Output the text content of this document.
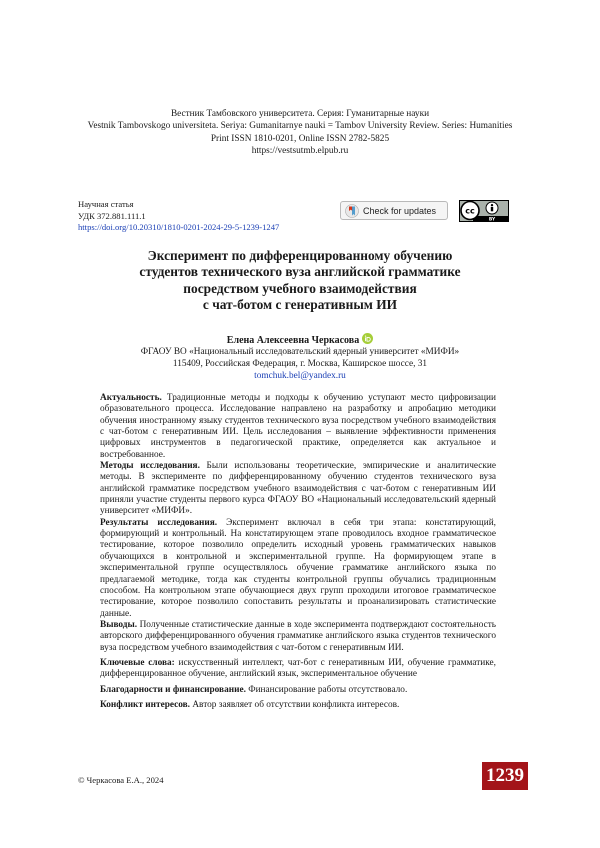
Вестник Тамбовского университета. Серия: Гуманитарные науки
Vestnik Tambovskogo universiteta. Seriya: Gumanitarnye nauki = Tambov University Review. Series: Humanities
Print ISSN 1810-0201, Online ISSN 2782-5825
https://vestsutmb.elpub.ru
Научная статья
УДК 372.881.111.1
https://doi.org/10.20310/1810-0201-2024-29-5-1239-1247
Check for updates	cc
BY
Эксперимент по дифференцированному обучению
студентов технического вуза английской грамматике
посредством учебного взаимодействия
с чат-ботом с генеративным ИИ
Елена Алексеевна Черкасова
ФГАОУ ВО «Национальный исследовательский ядерный университет «МИФИ»
115409, Российская Федерация, г. Москва, Каширское шоссе, 31
tomchuk.bel@yandex.ru

Актуальность. Традиционные методы и подходы к обучению уступают место цифровизации образовательного процесса. Исследование направлено на разработку и апробацию методики обучения иностранному языку студентов технического вуза посредством учебного взаимодействия с чат-ботом с генеративным ИИ. Цель исследования – выявление эффективности применения цифровых инструментов в педагогической практике, определяется как актуальное и востребованное.

Методы исследования. Были использованы теоретические, эмпирические и аналитические методы. В эксперименте по дифференцированному обучению студентов технического вуза английской грамматике посредством учебного взаимодействия с чат-ботом с генеративным ИИ приняли участие студенты первого курса ФГАОУ ВО «Национальный исследовательский ядерный университет «МИФИ».

Результаты исследования. Эксперимент включал в себя три этапа: констатирующий, формирующий и контрольный. На констатирующем этапе проводилось входное грамматическое тестирование, которое позволило определить исходный уровень грамматических навыков обучающихся в контрольной и экспериментальной группе. На формирующем этапе в экспериментальной группе осуществлялось обучение грамматике английского языка по предлагаемой методике, тогда как студенты контрольной группы обучались традиционным способом. На контрольном этапе обучающиеся двух групп проходили итоговое грамматическое тестирование, которое позволило сопоставить результаты и проанализировать статистические данные.

Выводы. Полученные статистические данные в ходе эксперимента подтверждают состоятельность авторского дифференцированного обучения грамматике английского языка студентов технического вуза посредством учебного взаимодействия с чат-ботом с генеративным ИИ.

Ключевые слова: искусственный интеллект, чат-бот с генеративным ИИ, обучение грамматике, дифференцированное обучение, английский язык, экспериментальное обучение

Благодарности и финансирование. Финансирование работы отсутствовало.

Конфликт интересов. Автор заявляет об отсутствии конфликта интересов.

© Черкасова Е.А., 2024	1239
